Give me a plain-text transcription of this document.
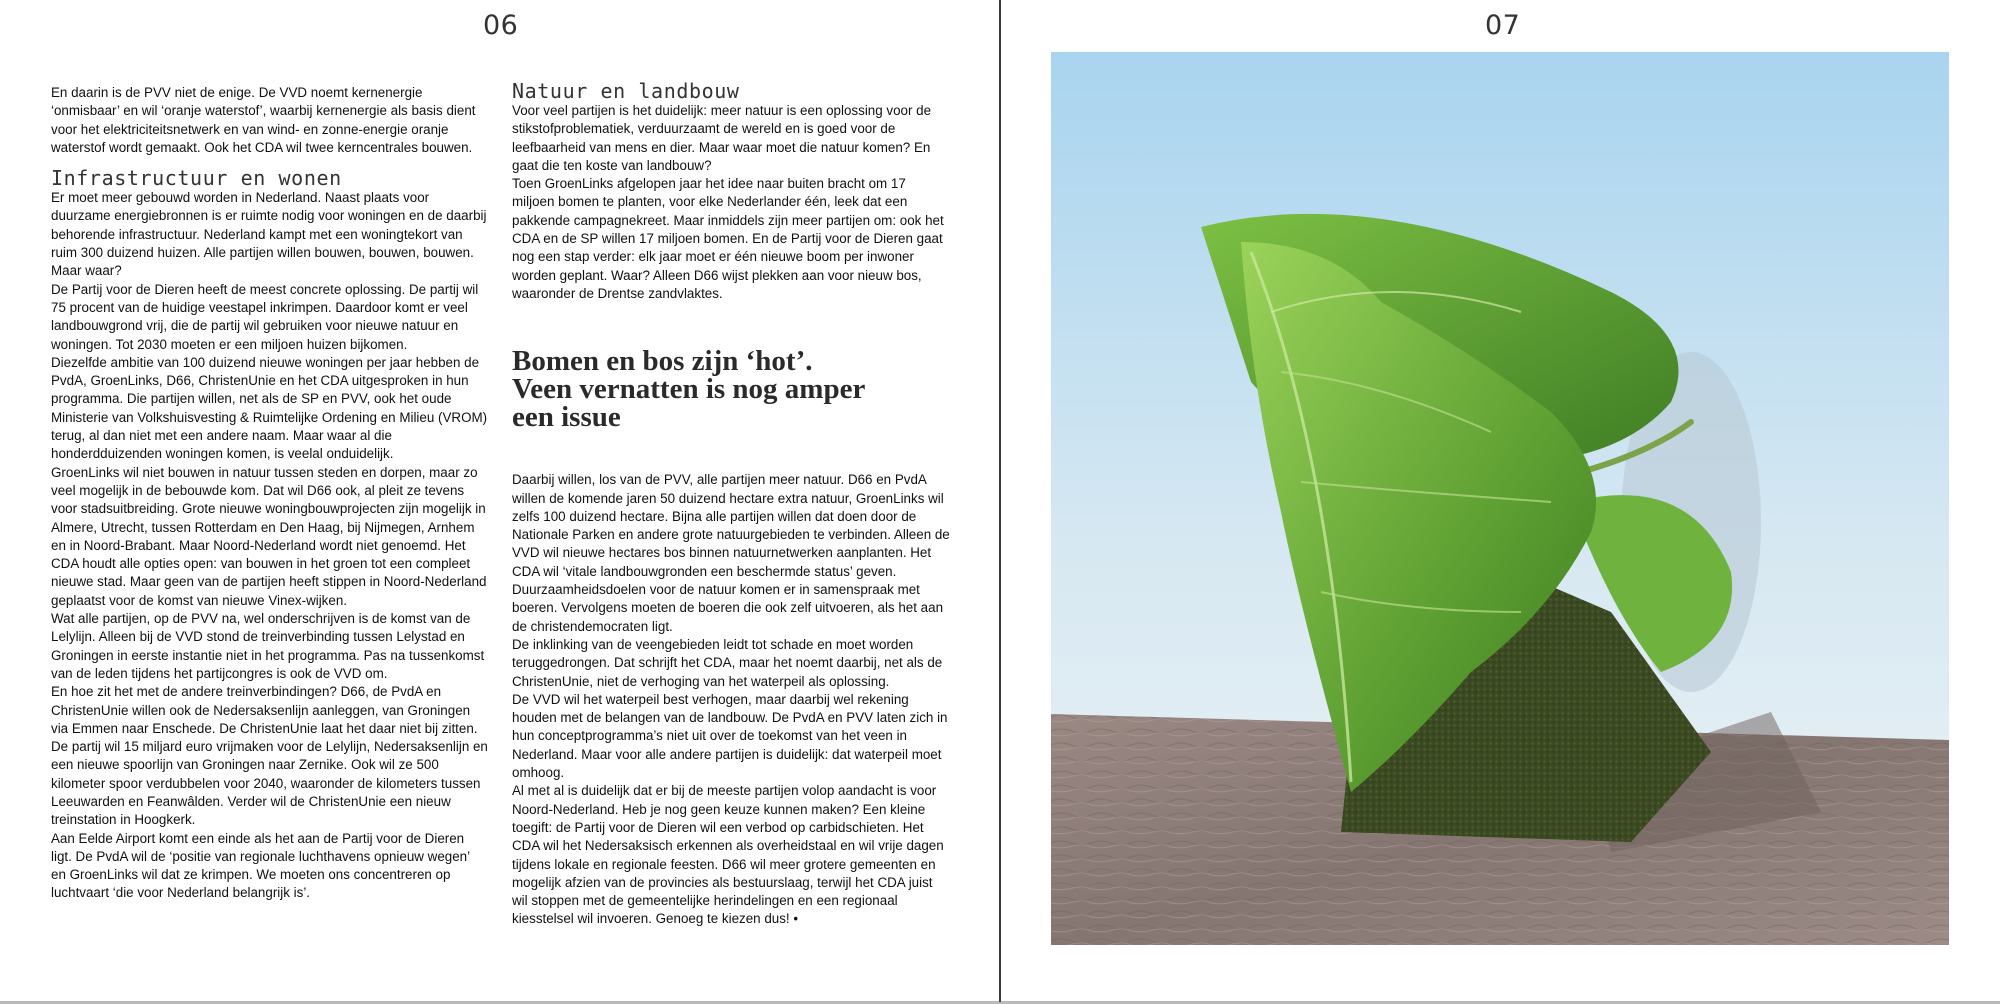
06

En daarin is de PVV niet de enige. De VVD noemt kernenergie ‘onmisbaar’ en wil ‘oranje waterstof’, waarbij kernenergie als basis dient voor het elektriciteitsnetwerk en van wind- en zonne-energie oranje waterstof wordt gemaakt. Ook het CDA wil twee kerncentrales bouwen.

Infrastructuur en wonen

Er moet meer gebouwd worden in Nederland. Naast plaats voor duurzame energiebronnen is er ruimte nodig voor woningen en de daarbij behorende infrastructuur. Nederland kampt met een woningtekort van ruim 300 duizend huizen. Alle partijen willen bouwen, bouwen, bouwen. Maar waar?

De Partij voor de Dieren heeft de meest concrete oplossing. De partij wil 75 procent van de huidige veestapel inkrimpen. Daardoor komt er veel landbouwgrond vrij, die de partij wil gebruiken voor nieuwe natuur en woningen. Tot 2030 moeten er een miljoen huizen bijkomen.

Diezelfde ambitie van 100 duizend nieuwe woningen per jaar hebben de PvdA, GroenLinks, D66, ChristenUnie en het CDA uitgesproken in hun programma. Die partijen willen, net als de SP en PVV, ook het oude Ministerie van Volkshuisvesting & Ruimtelijke Ordening en Milieu (VROM) terug, al dan niet met een andere naam. Maar waar al die honderdduizenden woningen komen, is veelal onduidelijk.

GroenLinks wil niet bouwen in natuur tussen steden en dorpen, maar zo veel mogelijk in de bebouwde kom. Dat wil D66 ook, al pleit ze tevens voor stadsuitbreiding. Grote nieuwe woningbouwprojecten zijn mogelijk in Almere, Utrecht, tussen Rotterdam en Den Haag, bij Nijmegen, Arnhem en in Noord-Brabant. Maar Noord-Nederland wordt niet genoemd. Het CDA houdt alle opties open: van bouwen in het groen tot een compleet nieuwe stad. Maar geen van de partijen heeft stippen in Noord-Nederland geplaatst voor de komst van nieuwe Vinex-wijken.

Wat alle partijen, op de PVV na, wel onderschrijven is de komst van de Lelylijn. Alleen bij de VVD stond de treinverbinding tussen Lelystad en Groningen in eerste instantie niet in het programma. Pas na tussenkomst van de leden tijdens het partijcongres is ook de VVD om.

En hoe zit het met de andere treinverbindingen? D66, de PvdA en ChristenUnie willen ook de Nedersaksenlijn aanleggen, van Groningen via Emmen naar Enschede. De ChristenUnie laat het daar niet bij zitten. De partij wil 15 miljard euro vrijmaken voor de Lelylijn, Nedersaksenlijn en een nieuwe spoorlijn van Groningen naar Zernike. Ook wil ze 500 kilometer spoor verdubbelen voor 2040, waaronder de kilometers tussen Leeuwarden en Feanwâlden. Verder wil de ChristenUnie een nieuw treinstation in Hoogkerk.

Aan Eelde Airport komt een einde als het aan de Partij voor de Dieren ligt. De PvdA wil de ‘positie van regionale luchthavens opnieuw wegen’ en GroenLinks wil dat ze krimpen. We moeten ons concentreren op luchtvaart ‘die voor Nederland belangrijk is’.

Natuur en landbouw

Voor veel partijen is het duidelijk: meer natuur is een oplossing voor de stikstofproblematiek, verduurzaamt de wereld en is goed voor de leefbaarheid van mens en dier. Maar waar moet die natuur komen? En gaat die ten koste van landbouw?

Toen GroenLinks afgelopen jaar het idee naar buiten bracht om 17 miljoen bomen te planten, voor elke Nederlander één, leek dat een pakkende campagnekreet. Maar inmiddels zijn meer partijen om: ook het CDA en de SP willen 17 miljoen bomen. En de Partij voor de Dieren gaat nog een stap verder: elk jaar moet er één nieuwe boom per inwoner worden geplant. Waar? Alleen D66 wijst plekken aan voor nieuw bos, waaronder de Drentse zandvlaktes.

Bomen en bos zijn ‘hot’.
Veen vernatten is nog amper
een issue

Daarbij willen, los van de PVV, alle partijen meer natuur. D66 en PvdA willen de komende jaren 50 duizend hectare extra natuur, GroenLinks wil zelfs 100 duizend hectare. Bijna alle partijen willen dat doen door de Nationale Parken en andere grote natuurgebieden te verbinden. Alleen de VVD wil nieuwe hectares bos binnen natuurnetwerken aanplanten. Het CDA wil ‘vitale landbouwgronden een beschermde status’ geven. Duurzaamheidsdoelen voor de natuur komen er in samenspraak met boeren. Vervolgens moeten de boeren die ook zelf uitvoeren, als het aan de christendemocraten ligt.

De inklinking van de veengebieden leidt tot schade en moet worden teruggedrongen. Dat schrijft het CDA, maar het noemt daarbij, net als de ChristenUnie, niet de verhoging van het waterpeil als oplossing.

De VVD wil het waterpeil best verhogen, maar daarbij wel rekening houden met de belangen van de landbouw. De PvdA en PVV laten zich in hun conceptprogramma’s niet uit over de toekomst van het veen in Nederland. Maar voor alle andere partijen is duidelijk: dat waterpeil moet omhoog.

Al met al is duidelijk dat er bij de meeste partijen volop aandacht is voor Noord-Nederland. Heb je nog geen keuze kunnen maken? Een kleine toegift: de Partij voor de Dieren wil een verbod op carbidschieten. Het CDA wil het Nedersaksisch erkennen als overheidstaal en wil vrije dagen tijdens lokale en regionale feesten. D66 wil meer grotere gemeenten en mogelijk afzien van de provincies als bestuurslaag, terwijl het CDA juist wil stoppen met de gemeentelijke herindelingen en een regionaal kiesstelsel wil invoeren. Genoeg te kiezen dus! •

07
